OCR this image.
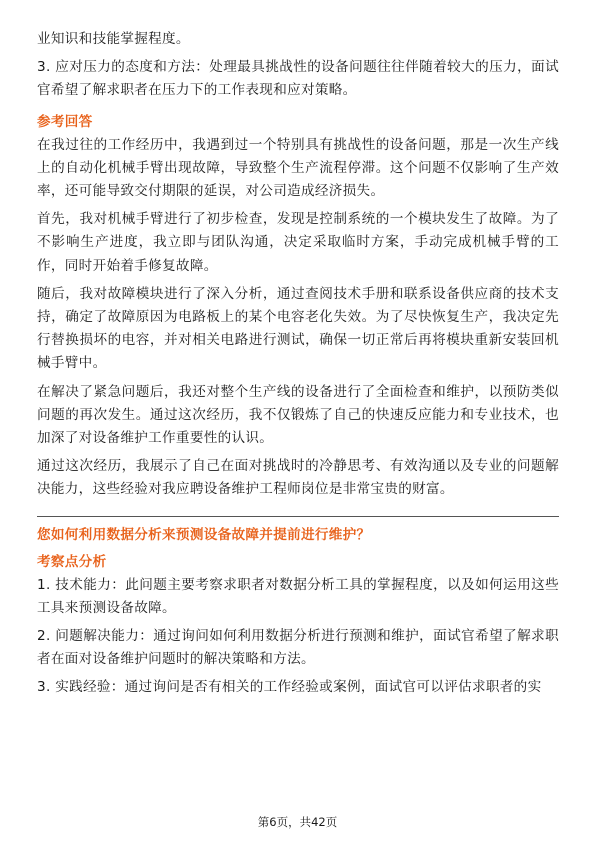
业知识和技能掌握程度。

3. 应对压力的态度和方法：处理最具挑战性的设备问题往往伴随着较大的压力，面试官希望了解求职者在压力下的工作表现和应对策略。

参考回答

在我过往的工作经历中，我遇到过一个特别具有挑战性的设备问题，那是一次生产线上的自动化机械手臂出现故障，导致整个生产流程停滞。这个问题不仅影响了生产效率，还可能导致交付期限的延误，对公司造成经济损失。

首先，我对机械手臂进行了初步检查，发现是控制系统的一个模块发生了故障。为了不影响生产进度，我立即与团队沟通，决定采取临时方案，手动完成机械手臂的工作，同时开始着手修复故障。

随后，我对故障模块进行了深入分析，通过查阅技术手册和联系设备供应商的技术支持，确定了故障原因为电路板上的某个电容老化失效。为了尽快恢复生产，我决定先行替换损坏的电容，并对相关电路进行测试，确保一切正常后再将模块重新安装回机械手臂中。

在解决了紧急问题后，我还对整个生产线的设备进行了全面检查和维护，以预防类似问题的再次发生。通过这次经历，我不仅锻炼了自己的快速反应能力和专业技术，也加深了对设备维护工作重要性的认识。

通过这次经历，我展示了自己在面对挑战时的冷静思考、有效沟通以及专业的问题解决能力，这些经验对我应聘设备维护工程师岗位是非常宝贵的财富。

您如何利用数据分析来预测设备故障并提前进行维护？

考察点分析

1. 技术能力：此问题主要考察求职者对数据分析工具的掌握程度，以及如何运用这些工具来预测设备故障。

2. 问题解决能力：通过询问如何利用数据分析进行预测和维护，面试官希望了解求职者在面对设备维护问题时的解决策略和方法。

3. 实践经验：通过询问是否有相关的工作经验或案例，面试官可以评估求职者的实

第6页，共42页
